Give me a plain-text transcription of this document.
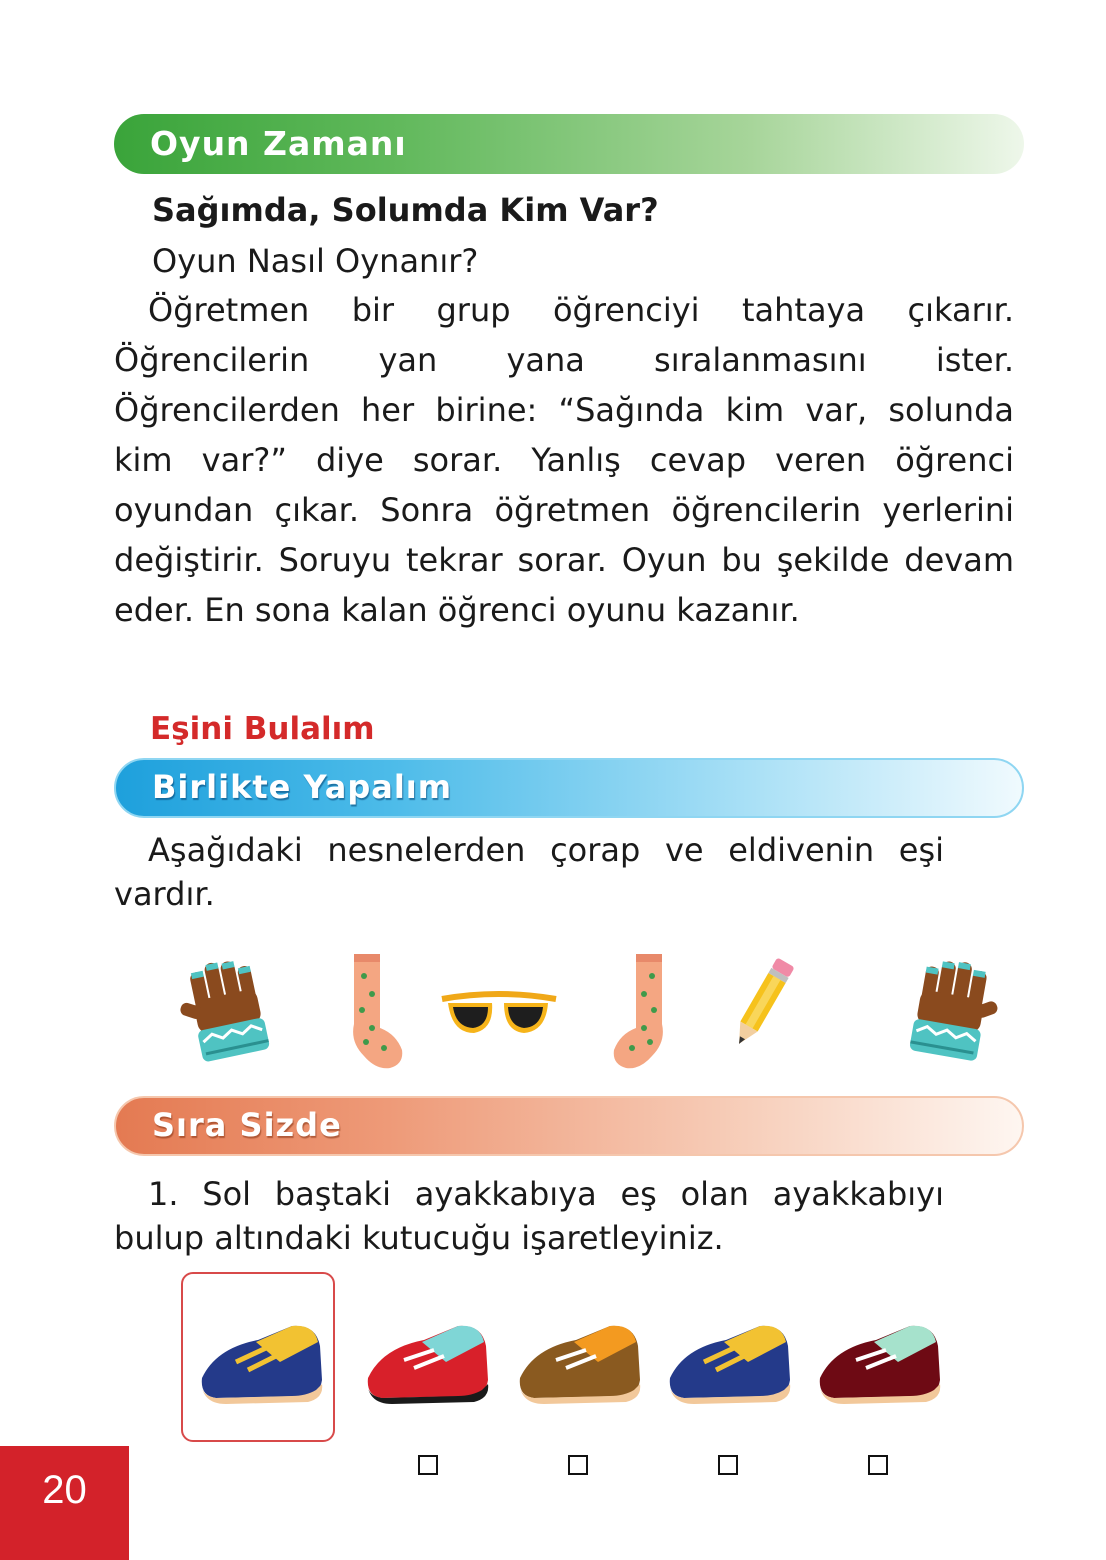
Oyun Zamanı

Sağımda, Solumda Kim Var?

Oyun Nasıl Oynanır?

Öğretmen bir grup öğrenciyi tahtaya çıkarır. Öğrencilerin yan yana sıralanmasını ister. Öğrencilerden her birine: “Sağında kim var, solunda kim var?” diye sorar. Yanlış cevap veren öğrenci oyundan çıkar. Sonra öğretmen öğrencilerin yerlerini değiştirir. Soruyu tekrar sorar. Oyun bu şekilde devam eder. En sona kalan öğrenci oyunu kazanır.

Eşini Bulalım

Birlikte Yapalım

Aşağıdaki nesnelerden çorap ve eldivenin eşi vardır.

Sıra Sizde

1. Sol baştaki ayakkabıya eş olan ayakkabıyı bulup altındaki kutucuğu işaretleyiniz.

20
